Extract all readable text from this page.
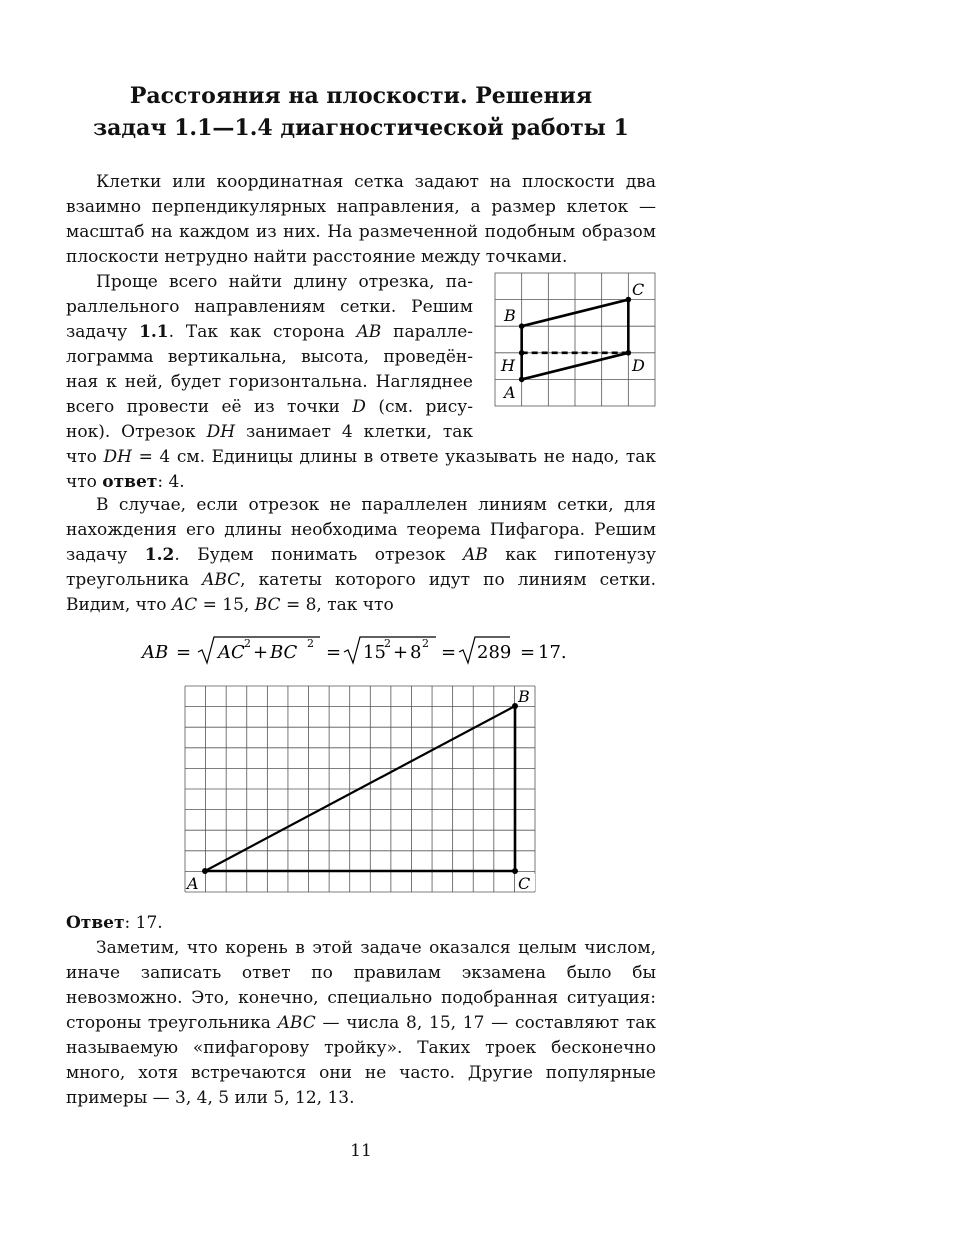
Расстояния на плоскости. Решения
задач 1.1—1.4 диагностической работы 1

Клетки или координатная сетка задают на плоскости два взаимно перпендикулярных направления, а размер клеток — масштаб на каждом из них. На размеченной подобным образом плоскости нетрудно найти расстояние между точками.

Проще всего найти длину отрезка, па-
раллельного направлениям сетки. Решим
задачу 1.1. Так как сторона AB паралле-
лограмма вертикальна, высота, проведён-
ная к ней, будет горизонтальна. Нагляднее
всего провести её из точки D (см. рису-
нок). Отрезок DH занимает 4 клетки, так
что DH = 4 см. Единицы длины в ответе указывать не надо, так что ответ: 4.
B
C
H	D
A

В случае, если отрезок не параллелен линиям сетки, для нахождения его длины необходима теорема Пифагора. Решим задачу 1.2. Будем понимать отрезок AB как гипотенузу треугольника ABC, катеты которого идут по линиям сетки. Видим, что AC = 15, BC = 8, так что

AB = AC 2 + BC 2 = 15
2 + 8 2 = 289 = 17.
B
A	C

Ответ: 17.

Заметим, что корень в этой задаче оказался целым числом, иначе записать ответ по правилам экзамена было бы невозможно. Это, конечно, специально подобранная ситуация: стороны треугольника ABC — числа 8, 15, 17 — составляют так называемую «пифагорову тройку». Таких троек бесконечно много, хотя встречаются они не часто. Другие популярные примеры — 3, 4, 5 или 5, 12, 13.

11
